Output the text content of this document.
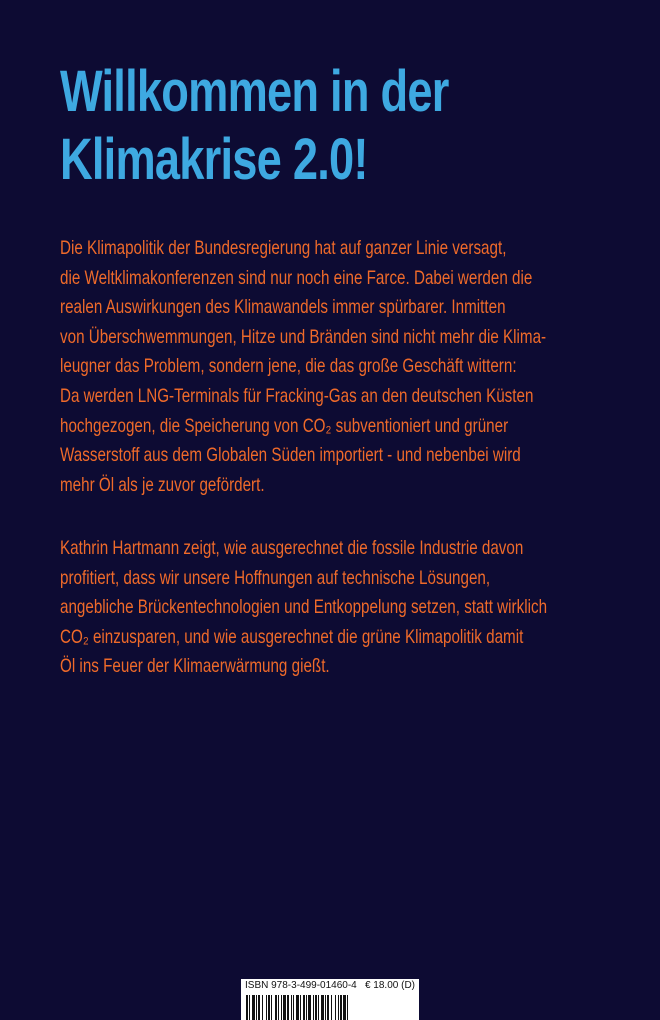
Willkommen in der
Klimakrise 2.0!
Die Klimapolitik der Bundesregierung hat auf ganzer Linie versagt,
die Weltklimakonferenzen sind nur noch eine Farce. Dabei werden die
realen Auswirkungen des Klimawandels immer spürbarer. Inmitten
von Überschwemmungen, Hitze und Bränden sind nicht mehr die Klima-
leugner das Problem, sondern jene, die das große Geschäft wittern:
Da werden LNG-Terminals für Fracking-Gas an den deutschen Küsten
hochgezogen, die Speicherung von CO₂ subventioniert und grüner
Wasserstoff aus dem Globalen Süden importiert - und nebenbei wird
mehr Öl als je zuvor gefördert.
Kathrin Hartmann zeigt, wie ausgerechnet die fossile Industrie davon
profitiert, dass wir unsere Hoffnungen auf technische Lösungen,
angebliche Brückentechnologien und Entkoppelung setzen, statt wirklich
CO₂ einzusparen, und wie ausgerechnet die grüne Klimapolitik damit
Öl ins Feuer der Klimaerwärmung gießt.
ISBN 978-3-499-01460-4 € 18.00 (D)
